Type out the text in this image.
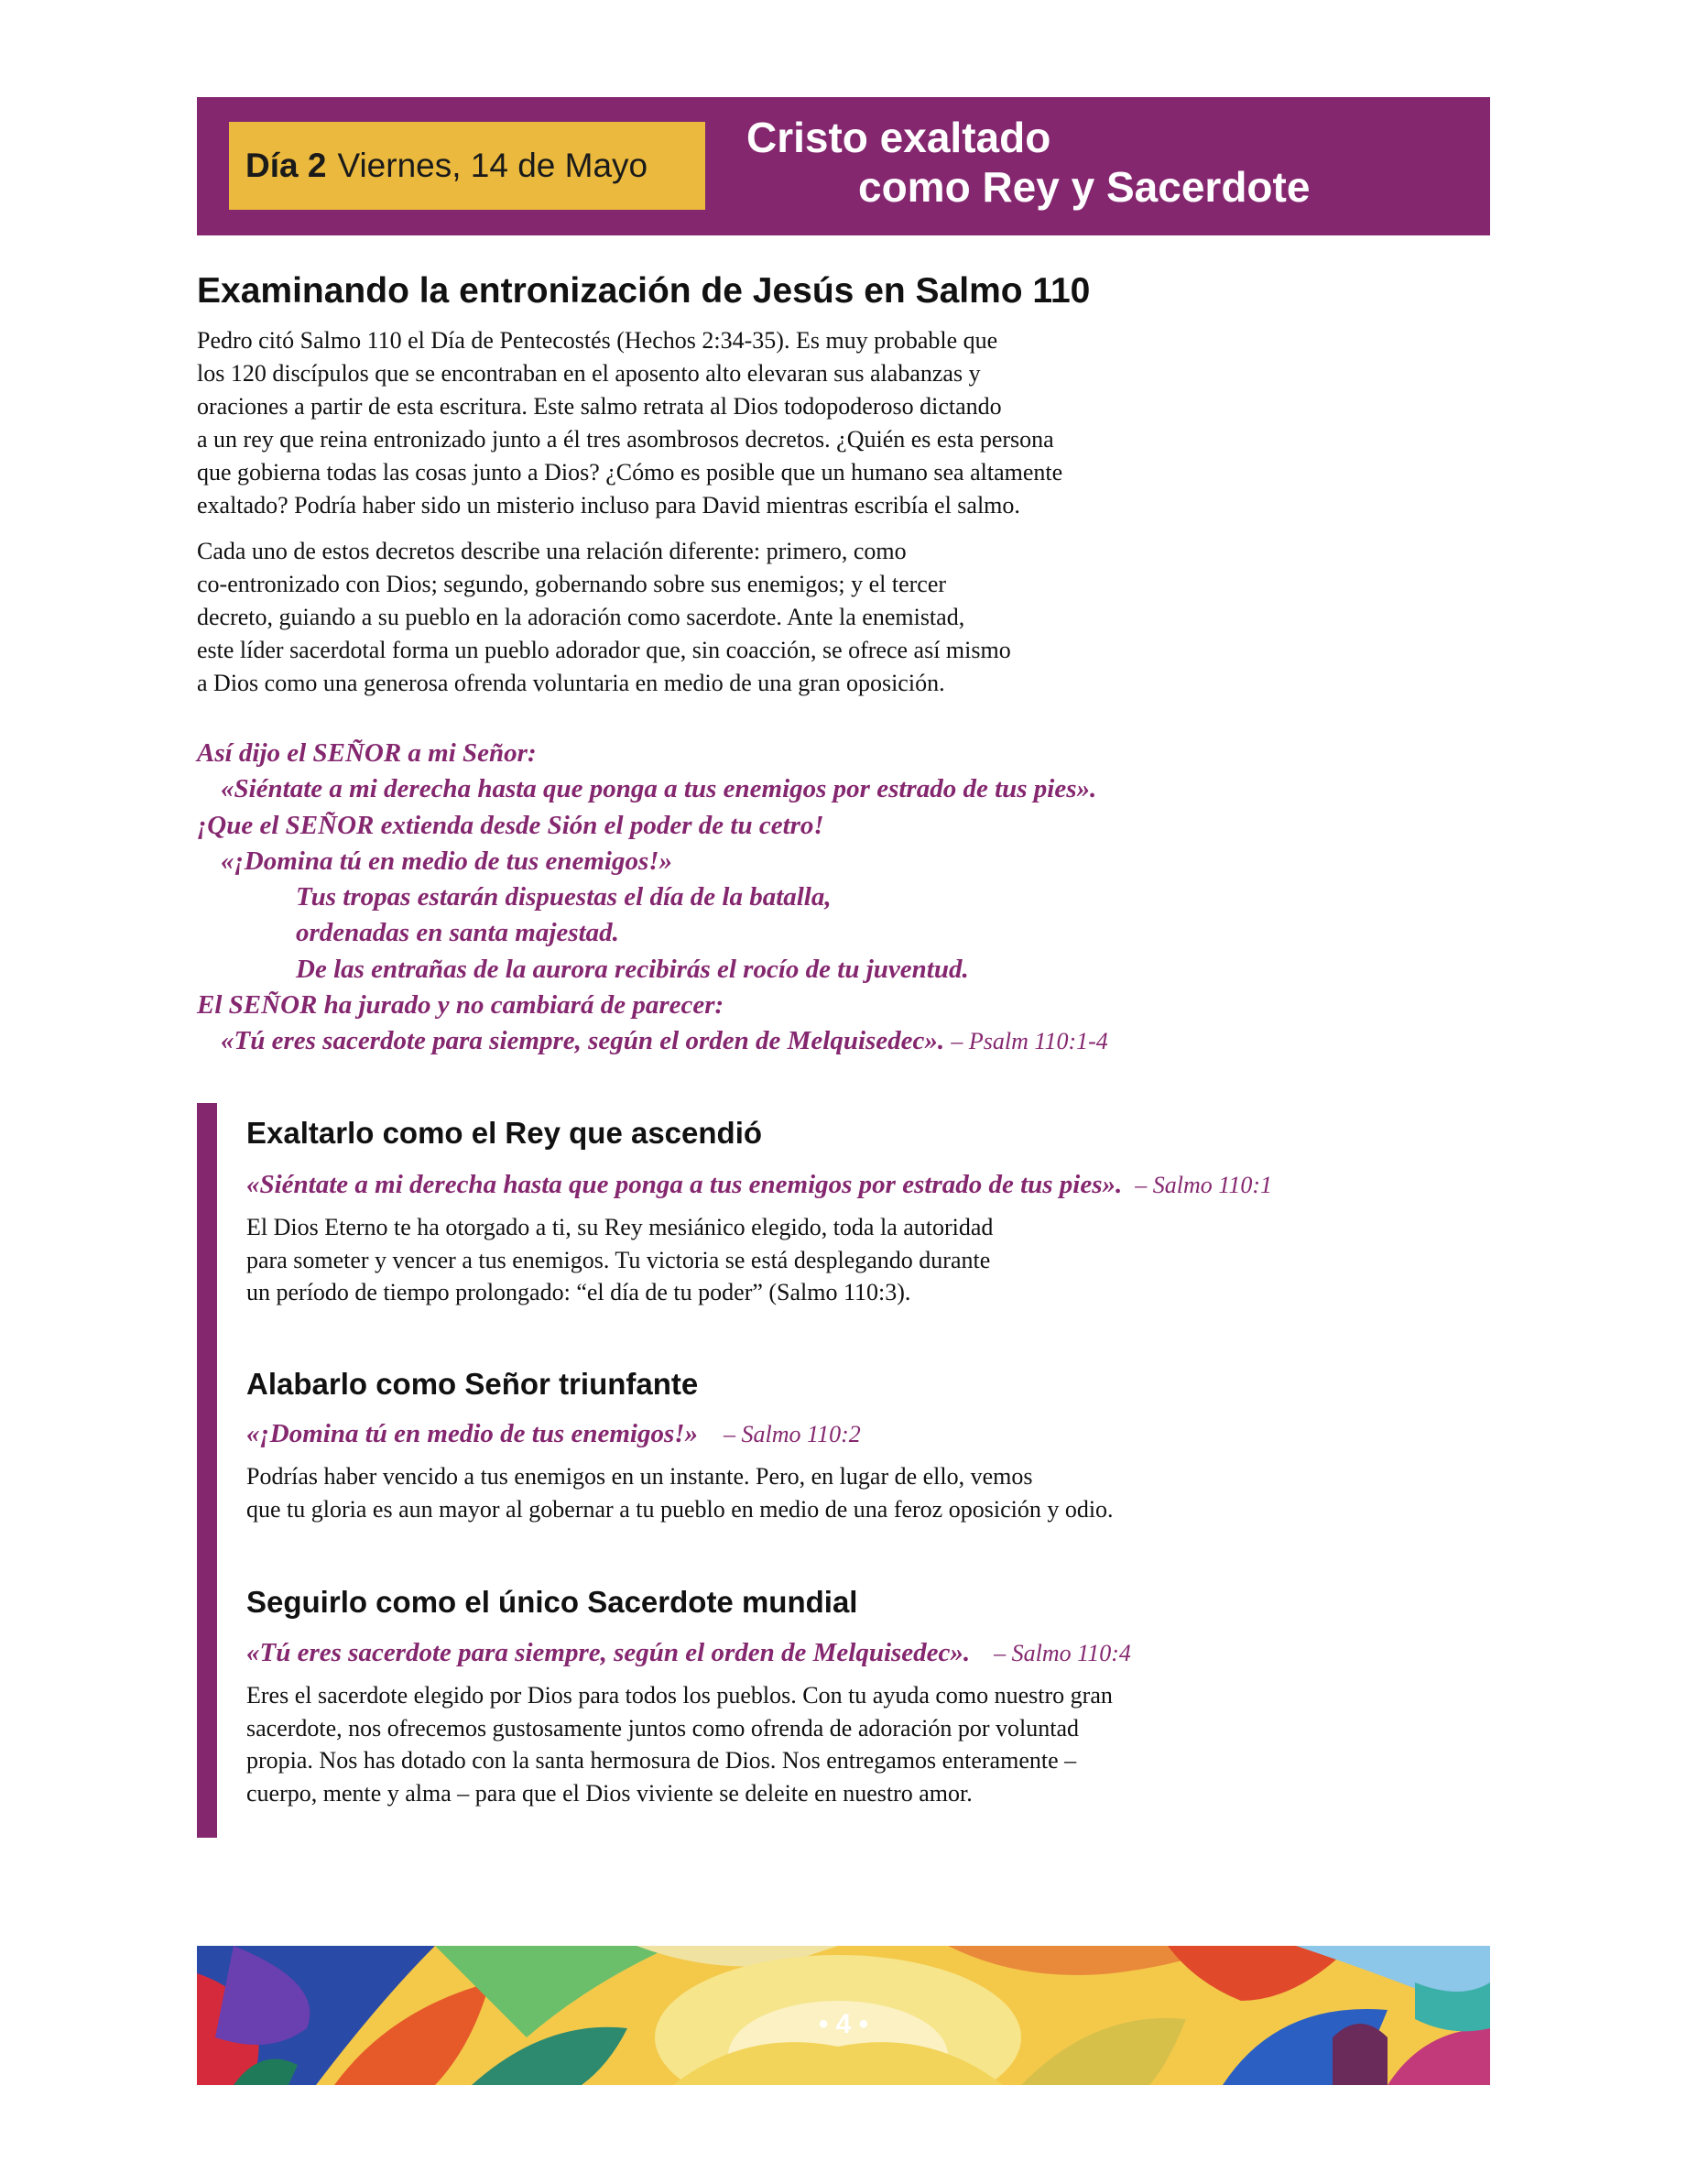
Día 2 Viernes, 14 de Mayo
Cristo exaltado
como Rey y Sacerdote
Examinando la entronización de Jesús en Salmo 110
Pedro citó Salmo 110 el Día de Pentecostés (Hechos 2:34-35). Es muy probable que
los 120 discípulos que se encontraban en el aposento alto elevaran sus alabanzas y
oraciones a partir de esta escritura. Este salmo retrata al Dios todopoderoso dictando
a un rey que reina entronizado junto a él tres asombrosos decretos. ¿Quién es esta persona
que gobierna todas las cosas junto a Dios? ¿Cómo es posible que un humano sea altamente
exaltado? Podría haber sido un misterio incluso para David mientras escribía el salmo.
Cada uno de estos decretos describe una relación diferente: primero, como
co-entronizado con Dios; segundo, gobernando sobre sus enemigos; y el tercer
decreto, guiando a su pueblo en la adoración como sacerdote. Ante la enemistad,
este líder sacerdotal forma un pueblo adorador que, sin coacción, se ofrece así mismo
a Dios como una generosa ofrenda voluntaria en medio de una gran oposición.
Así dijo el SEÑOR a mi Señor:
«Siéntate a mi derecha hasta que ponga a tus enemigos por estrado de tus pies».
¡Que el SEÑOR extienda desde Sión el poder de tu cetro!
«¡Domina tú en medio de tus enemigos!»
Tus tropas estarán dispuestas el día de la batalla,
ordenadas en santa majestad.
De las entrañas de la aurora recibirás el rocío de tu juventud.
El SEÑOR ha jurado y no cambiará de parecer:
«Tú eres sacerdote para siempre, según el orden de Melquisedec». – Psalm 110:1-4
Exaltarlo como el Rey que ascendió
«Siéntate a mi derecha hasta que ponga a tus enemigos por estrado de tus pies». – Salmo 110:1
El Dios Eterno te ha otorgado a ti, su Rey mesiánico elegido, toda la autoridad
para someter y vencer a tus enemigos. Tu victoria se está desplegando durante
un período de tiempo prolongado: “el día de tu poder” (Salmo 110:3).
Alabarlo como Señor triunfante
«¡Domina tú en medio de tus enemigos!» – Salmo 110:2
Podrías haber vencido a tus enemigos en un instante. Pero, en lugar de ello, vemos
que tu gloria es aun mayor al gobernar a tu pueblo en medio de una feroz oposición y odio.
Seguirlo como el único Sacerdote mundial
«Tú eres sacerdote para siempre, según el orden de Melquisedec». – Salmo 110:4
Eres el sacerdote elegido por Dios para todos los pueblos. Con tu ayuda como nuestro gran
sacerdote, nos ofrecemos gustosamente juntos como ofrenda de adoración por voluntad
propia. Nos has dotado con la santa hermosura de Dios. Nos entregamos enteramente –
cuerpo, mente y alma – para que el Dios viviente se deleite en nuestro amor.
• 4 •
